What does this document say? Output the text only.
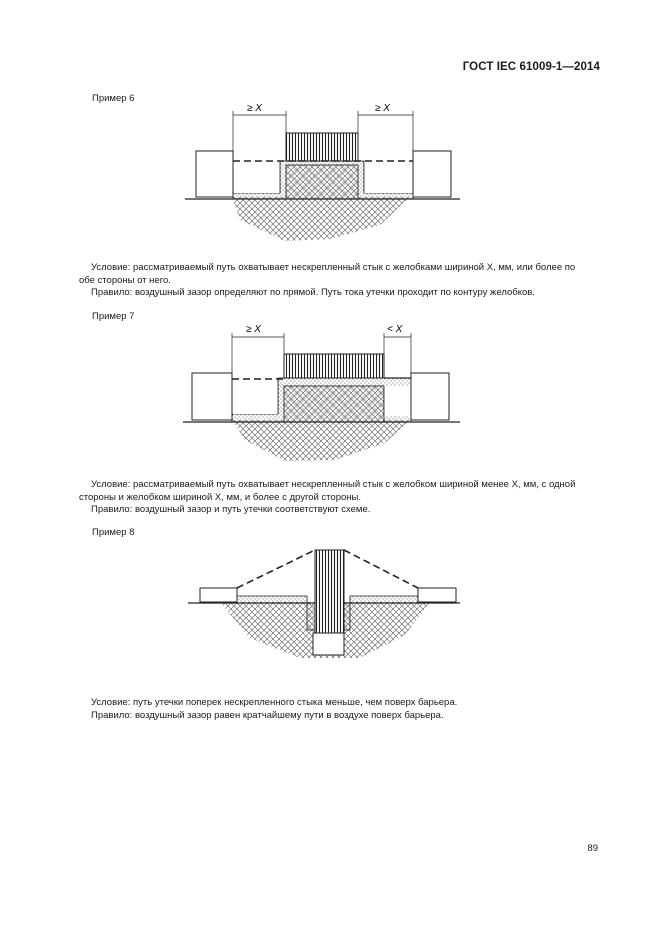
ГОСТ IEC 61009-1—2014
Пример 6
≥ X	≥ X

Условие: рассматриваемый путь охватывает нескрепленный стык с желобками шириной X, мм, или более по обе стороны от него.

Правило: воздушный зазор определяют по прямой. Путь тока утечки проходит по контуру желобков.

Пример 7
≥ X	< X

Условие: рассматриваемый путь охватывает нескрепленный стык с желобком шириной менее X, мм, с одной стороны и желобком шириной X, мм, и более с другой стороны.

Правило: воздушный зазор и путь утечки соответствуют схеме.

Пример 8

Условие: путь утечки поперек нескрепленного стыка меньше, чем поверх барьера.

Правило: воздушный зазор равен кратчайшему пути в воздухе поверх барьера.

89
